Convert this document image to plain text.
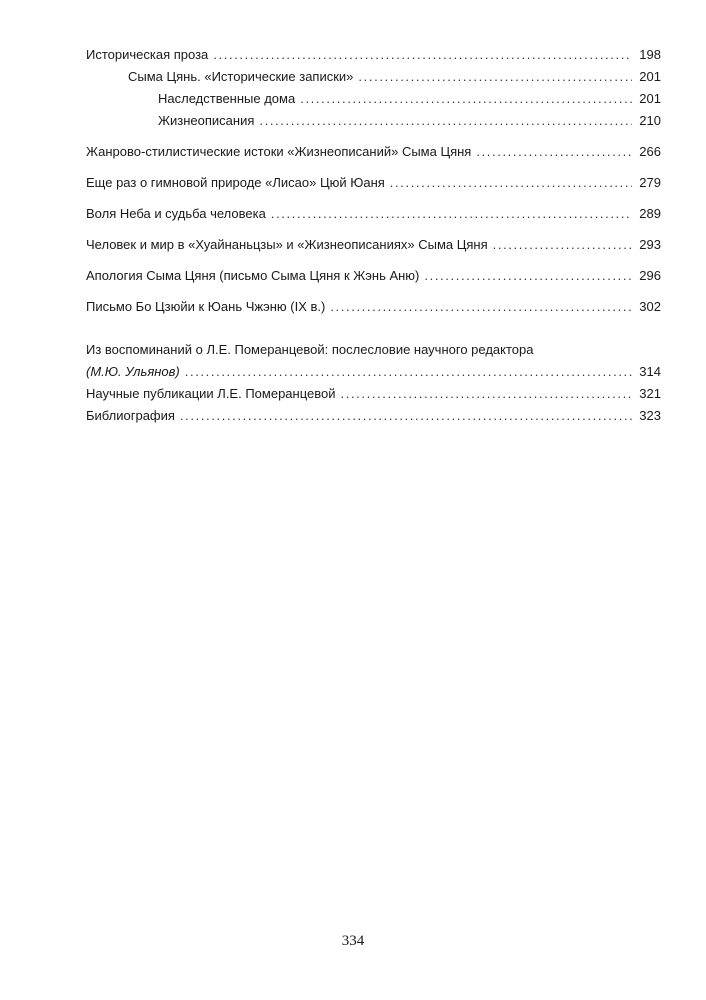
Историческая проза . . .	198
Сыма Цянь. «Исторические записки» . . .	201
Наследственные дома . . .	201
Жизнеописания . . .	210
Жанрово-стилистические истоки «Жизнеописаний» Сыма Цяня . . .	266
Еще раз о гимновой природе «Лисао» Цюй Юаня . . .	279
Воля Неба и судьба человека . . .	289
Человек и мир в «Хуайнаньцзы» и «Жизнеописаниях» Сыма Цяня . . .	293
Апология Сыма Цяня (письмо Сыма Цяня к Жэнь Аню) . . .	296
Письмо Бо Цзюйи к Юань Чжэню (IX в.) . . .	302
Из воспоминаний о Л.Е. Померанцевой: послесловие научного редактора
(М.Ю. Ульянов) . . .	314
Научные публикации Л.Е. Померанцевой . . .	321
Библиография . . .	323
334
